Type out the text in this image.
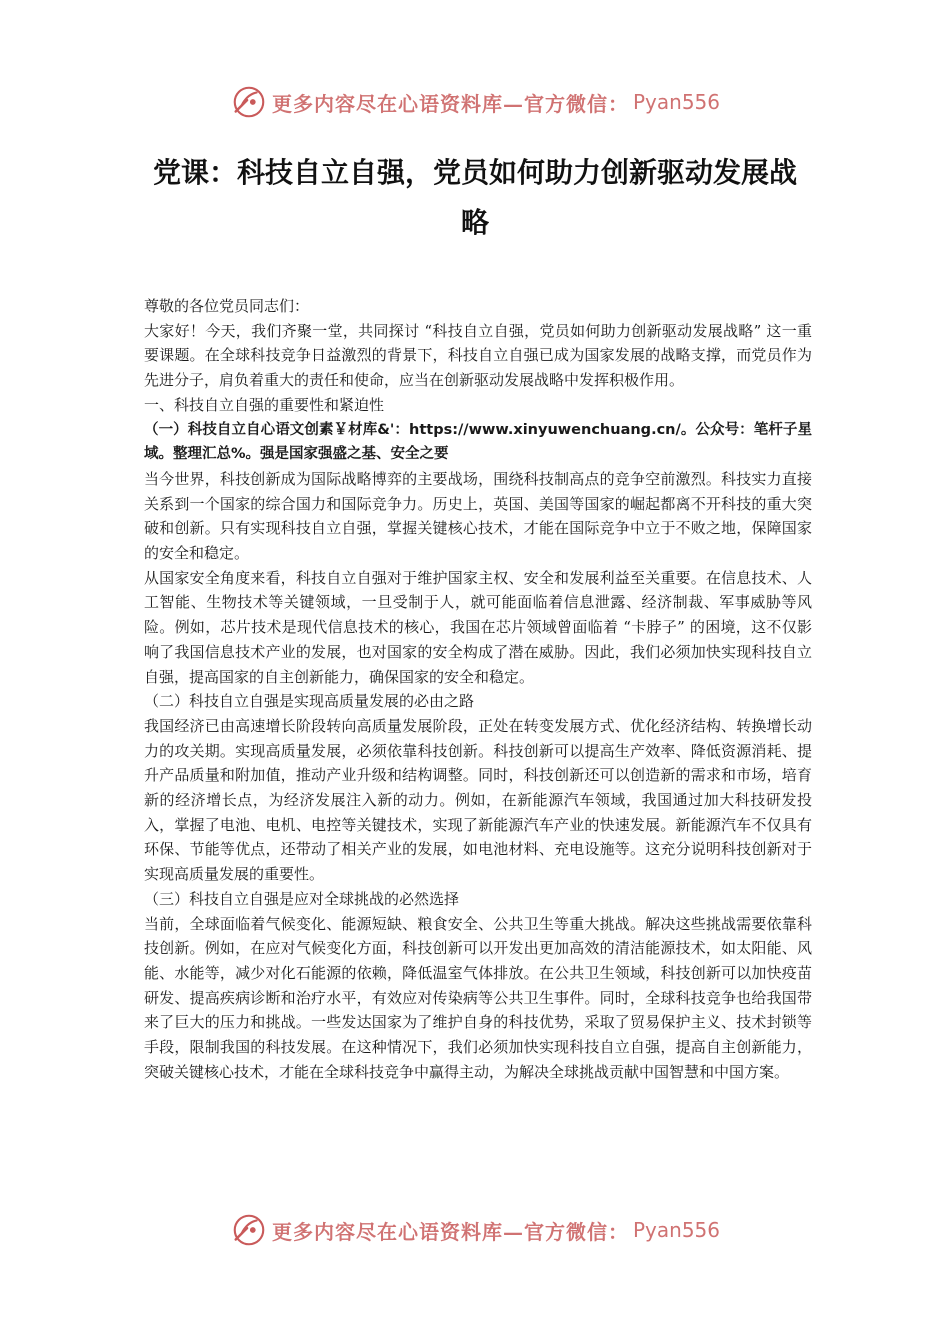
更多内容尽在心语资料库—官方微信： Pyan556
党课：科技自立自强，党员如何助力创新驱动发展战略

尊敬的各位党员同志们：

大家好！今天，我们齐聚一堂，共同探讨 “科技自立自强，党员如何助力创新驱动发展战略” 这一重要课题。在全球科技竞争日益激烈的背景下，科技自立自强已成为国家发展的战略支撑，而党员作为先进分子，肩负着重大的责任和使命，应当在创新驱动发展战略中发挥积极作用。

一、科技自立自强的重要性和紧迫性

（一）科技自立自心语文创素￥材库&'：https://www.xinyuwenchuang.cn/。公众号：笔杆子星域。整理汇总%。强是国家强盛之基、安全之要

当今世界，科技创新成为国际战略博弈的主要战场，围绕科技制高点的竞争空前激烈。科技实力直接关系到一个国家的综合国力和国际竞争力。历史上，英国、美国等国家的崛起都离不开科技的重大突破和创新。只有实现科技自立自强，掌握关键核心技术，才能在国际竞争中立于不败之地，保障国家的安全和稳定。

从国家安全角度来看，科技自立自强对于维护国家主权、安全和发展利益至关重要。在信息技术、人工智能、生物技术等关键领域，一旦受制于人，就可能面临着信息泄露、经济制裁、军事威胁等风险。例如，芯片技术是现代信息技术的核心，我国在芯片领域曾面临着 “卡脖子” 的困境，这不仅影响了我国信息技术产业的发展，也对国家的安全构成了潜在威胁。因此，我们必须加快实现科技自立自强，提高国家的自主创新能力，确保国家的安全和稳定。

（二）科技自立自强是实现高质量发展的必由之路

我国经济已由高速增长阶段转向高质量发展阶段，正处在转变发展方式、优化经济结构、转换增长动力的攻关期。实现高质量发展，必须依靠科技创新。科技创新可以提高生产效率、降低资源消耗、提升产品质量和附加值，推动产业升级和结构调整。同时，科技创新还可以创造新的需求和市场，培育新的经济增长点，为经济发展注入新的动力。例如，在新能源汽车领域，我国通过加大科技研发投入，掌握了电池、电机、电控等关键技术，实现了新能源汽车产业的快速发展。新能源汽车不仅具有环保、节能等优点，还带动了相关产业的发展，如电池材料、充电设施等。这充分说明科技创新对于实现高质量发展的重要性。

（三）科技自立自强是应对全球挑战的必然选择

当前，全球面临着气候变化、能源短缺、粮食安全、公共卫生等重大挑战。解决这些挑战需要依靠科技创新。例如，在应对气候变化方面，科技创新可以开发出更加高效的清洁能源技术，如太阳能、风能、水能等，减少对化石能源的依赖，降低温室气体排放。在公共卫生领域，科技创新可以加快疫苗研发、提高疾病诊断和治疗水平，有效应对传染病等公共卫生事件。同时，全球科技竞争也给我国带来了巨大的压力和挑战。一些发达国家为了维护自身的科技优势，采取了贸易保护主义、技术封锁等手段，限制我国的科技发展。在这种情况下，我们必须加快实现科技自立自强，提高自主创新能力，突破关键核心技术，才能在全球科技竞争中赢得主动，为解决全球挑战贡献中国智慧和中国方案。

更多内容尽在心语资料库—官方微信： Pyan556
